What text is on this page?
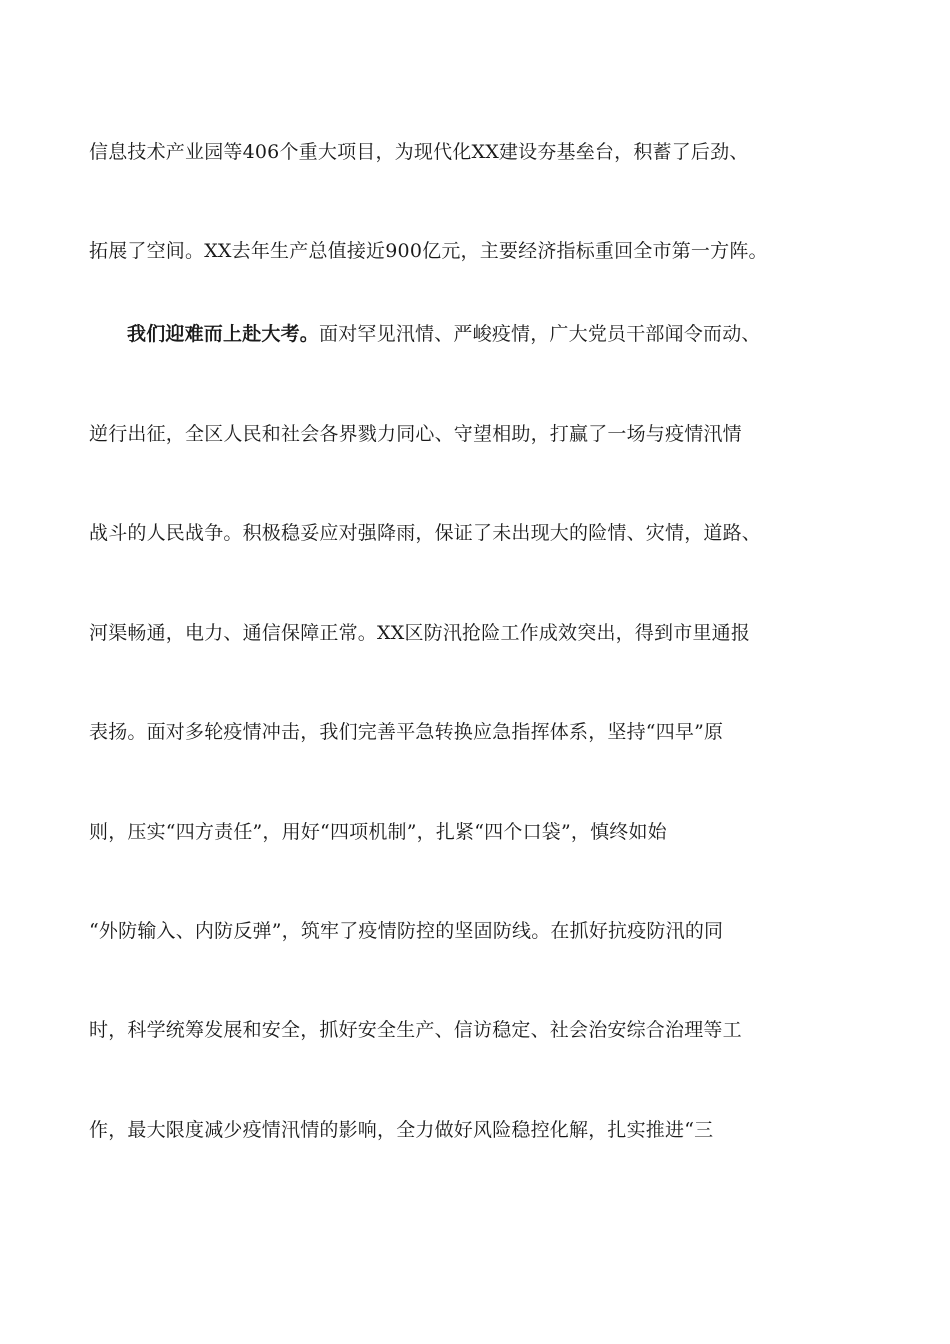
信息技术产业园等406个重大项目，为现代化XX建设夯基垒台，积蓄了后劲、
拓展了空间。XX去年生产总值接近900亿元，主要经济指标重回全市第一方阵。
我们迎难而上赴大考。面对罕见汛情、严峻疫情，广大党员干部闻令而动、
逆行出征，全区人民和社会各界戮力同心、守望相助，打赢了一场与疫情汛情
战斗的人民战争。积极稳妥应对强降雨，保证了未出现大的险情、灾情，道路、
河渠畅通，电力、通信保障正常。XX区防汛抢险工作成效突出，得到市里通报
表扬。面对多轮疫情冲击，我们完善平急转换应急指挥体系，坚持“四早”原
则，压实“四方责任”，用好“四项机制”，扎紧“四个口袋”，慎终如始
“外防输入、内防反弹”，筑牢了疫情防控的坚固防线。在抓好抗疫防汛的同
时，科学统筹发展和安全，抓好安全生产、信访稳定、社会治安综合治理等工
作，最大限度减少疫情汛情的影响，全力做好风险稳控化解，扎实推进“三
